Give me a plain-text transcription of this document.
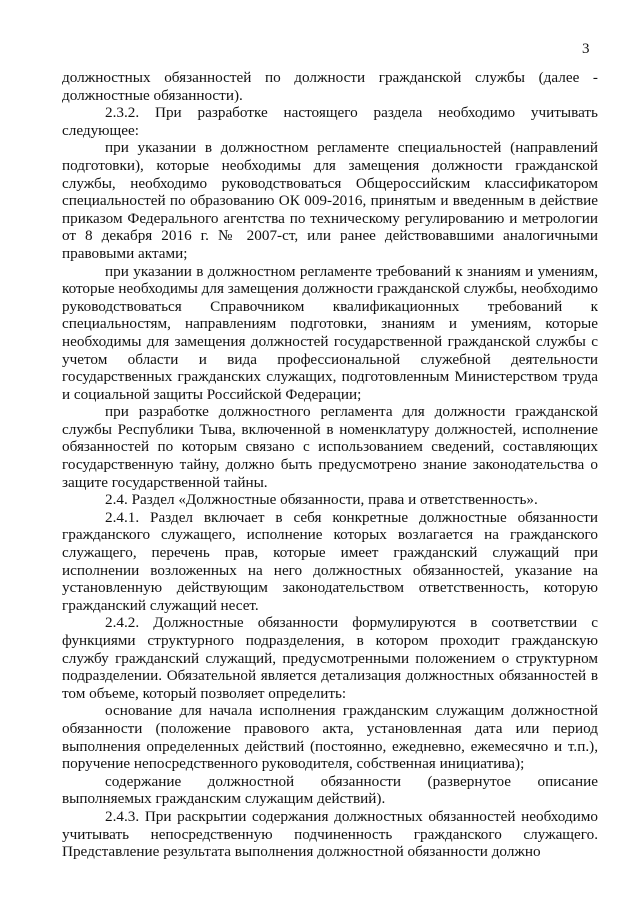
3

должностных обязанностей по должности гражданской службы (далее - должностные обязанности).

2.3.2. При разработке настоящего раздела необходимо учитывать следующее:

при указании в должностном регламенте специальностей (направлений подготовки), которые необходимы для замещения должности гражданской службы, необходимо руководствоваться Общероссийским классификатором специальностей по образованию ОК 009-2016, принятым и введенным в действие приказом Федерального агентства по техническому регулированию и метрологии от 8 декабря 2016 г. № 2007-ст, или ранее действовавшими аналогичными правовыми актами;

при указании в должностном регламенте требований к знаниям и умениям, которые необходимы для замещения должности гражданской службы, необходимо руководствоваться Справочником квалификационных требований к специальностям, направлениям подготовки, знаниям и умениям, которые необходимы для замещения должностей государственной гражданской службы с учетом области и вида профессиональной служебной деятельности государственных гражданских служащих, подготовленным Министерством труда и социальной защиты Российской Федерации;

при разработке должностного регламента для должности гражданской службы Республики Тыва, включенной в номенклатуру должностей, исполнение обязанностей по которым связано с использованием сведений, составляющих государственную тайну, должно быть предусмотрено знание законодательства о защите государственной тайны.

2.4. Раздел «Должностные обязанности, права и ответственность».

2.4.1. Раздел включает в себя конкретные должностные обязанности гражданского служащего, исполнение которых возлагается на гражданского служащего, перечень прав, которые имеет гражданский служащий при исполнении возложенных на него должностных обязанностей, указание на установленную действующим законодательством ответственность, которую гражданский служащий несет.

2.4.2. Должностные обязанности формулируются в соответствии с функциями структурного подразделения, в котором проходит гражданскую службу гражданский служащий, предусмотренными положением о структурном подразделении. Обязательной является детализация должностных обязанностей в том объеме, который позволяет определить:

основание для начала исполнения гражданским служащим должностной обязанности (положение правового акта, установленная дата или период выполнения определенных действий (постоянно, ежедневно, ежемесячно и т.п.), поручение непосредственного руководителя, собственная инициатива);

содержание должностной обязанности (развернутое описание выполняемых гражданским служащим действий).

2.4.3. При раскрытии содержания должностных обязанностей необходимо учитывать непосредственную подчиненность гражданского служащего. Представление результата выполнения должностной обязанности должно
